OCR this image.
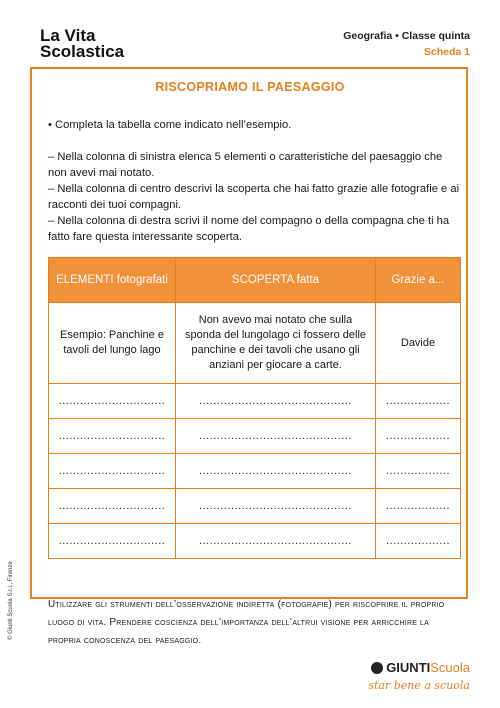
La Vita
Scolastica
Geografia • Classe quinta
Scheda 1
RISCOPRIAMO IL PAESAGGIO
• Completa la tabella come indicato nell’esempio.
– Nella colonna di sinistra elenca 5 elementi o caratteristiche del paesaggio che non avevi mai notato.
– Nella colonna di centro descrivi la scoperta che hai fatto grazie alle fotografie e ai racconti dei tuoi compagni.
– Nella colonna di destra scrivi il nome del compagno o della compagna che ti ha fatto fare questa interessante scoperta.
ELEMENTI fotografati	SCOPERTA fatta	Grazie a...
Esempio: Panchine e tavoli del lungo lago	Non avevo mai notato che sulla sponda del lungolago ci fossero delle panchine e dei tavoli che usano gli anziani per giocare a carte.	Davide
..............................	...........................................	..................
..............................	...........................................	..................
..............................	...........................................	..................
..............................	...........................................	..................
..............................	...........................................	..................
Utilizzare gli strumenti dell’osservazione indiretta (fotografie) per riscoprire il proprio luogo di vita. Prendere coscienza dell’importanza dell’altrui visione per arricchire la propria conoscenza del paesaggio.
© Giunti Scuola S.r.l., Firenze
GIUNTIScuola
star bene a scuola
